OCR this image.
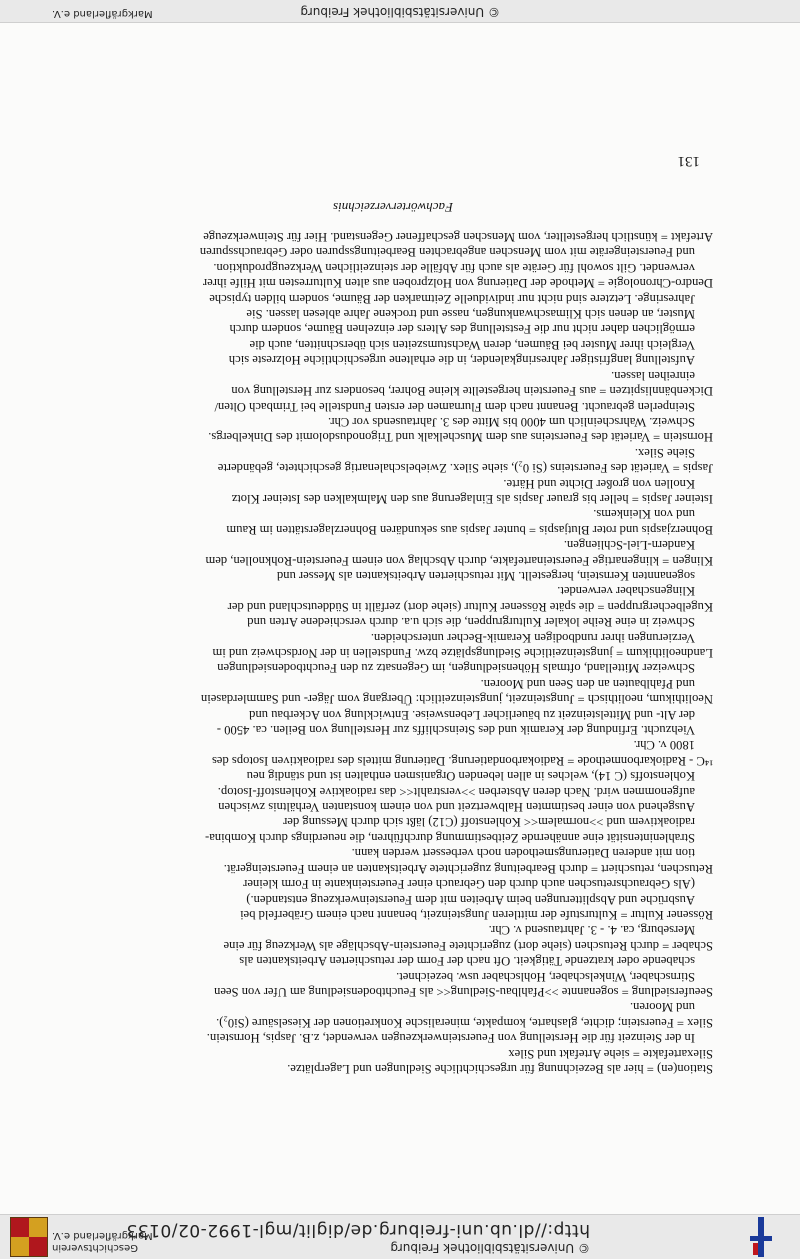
© Universitätsbibliothek Freiburg
http://dl.ub.uni-freiburg.de/diglit/mgl-1992-02/0133
Geschichtsverein
Markgräflerland e.V.
131

Station(en) = hier als Bezeichnung für urgeschichtliche Siedlungen und Lagerplätze.

Silexartefakte = siehe Artefakt und Silex

In der Steinzeit für die Herstellung von Feuersteinwerkzeugen verwendet, z.B. Jaspis, Hornstein.

Silex = Feuerstein; dichte, glasharte, kompakte, mineralische Konkretionen der Kieselsäure (Si0₂).

und Mooren.

Seeufersiedlung = sogenannte >>Pfahlbau-Siedlung<< als Feuchtbodensiedlung am Ufer von Seen

Stirnschaber, Winkelschaber, Hohlschaber usw. bezeichnet.

schabende oder kratzende Tätigkeit. Oft nach der Form der retuschierten Arbeitskanten als

Schaber = durch Retuschen (siehe dort) zugerichtete Feuerstein-Abschläge als Werkzeug für eine

Merseburg, ca. 4. - 3. Jahrtausend v. Chr.

Rössener Kultur = Kulturstufe der mittleren Jungsteinzeit, benannt nach einem Gräberfeld bei

Ausbrüche und Absplitterungen beim Arbeiten mit dem Feuersteinwerkzeug entstanden.)

(Als Gebrauchsretuschen auch durch den Gebrauch einer Feuersteinkante in Form kleiner

Retuschen, retuschiert = durch Bearbeitung zugerichtete Arbeitskanten an einem Feuersteingerät.

tion mit anderen Datierungsmethoden noch verbessert werden kann.

Strahlenintensität eine annähernde Zeitbestimmung durchführen, die neuerdings durch Kombina-

radioaktivem und >>normalem<< Kohlenstoff (C12) läßt sich durch Messung der

Ausgehend von einer bestimmten Halbwertzeit und von einem konstanten Verhältnis zwischen

aufgenommen wird. Nach deren Absterben >>verstrahlt<< das radioaktive Kohlenstoff-Isotop.

Kohlenstoffs (C 14), welches in allen lebenden Organismen enthalten ist und ständig neu

¹⁴C - Radiokarbonmethode = Radiokarbondatierung. Datierung mittels des radioaktiven Isotops des

1800 v. Chr.

Viehzucht. Erfindung der Keramik und des Steinschliffs zur Herstellung von Beilen. ca. 4500 -

der Alt- und Mittelsteinzeit zu bäuerlicher Lebensweise. Entwicklung von Ackerbau und

Neolithikum, neolithisch = Jungsteinzeit, jungsteinzeitlich: Übergang vom Jäger- und Sammlerdasein

und Pfahlbauten an den Seen und Mooren.

Schweizer Mittelland, oftmals Höhensiedlungen, im Gegensatz zu den Feuchtbodensiedlungen

Landneolithikum = jungsteinzeitliche Siedlungsplätze bzw. Fundstellen in der Nordschweiz und im

Verzierungen ihrer rundbodigen Keramik-Becher unterscheiden.

Schweiz in eine Reihe lokaler Kulturgruppen, die sich u.a. durch verschiedene Arten und

Kugelbechergruppen = die späte Rössener Kultur (siehe dort) zerfällt in Süddeutschland und der

Klingenschaber verwendet.

sogenannten Kernstein, hergestellt. Mit retuschierten Arbeitskanten als Messer und

Klingen = klingenartige Feuersteinartefakte, durch Abschlag von einem Feuerstein-Rohknollen, dem

Kandern-Liel-Schliengen.

Bohnerzjaspis und roter Blutjaspis = bunter Jaspis aus sekundären Bohnerzlagerstätten im Raum

und von Kleinkems.

Isteiner Jaspis = heller bis grauer Jaspis als Einlagerung aus den Malmkalken des Isteiner Klotz

Knollen von großer Dichte und Härte.

Jaspis = Varietät des Feuersteins (Si 0₂), siehe Silex. Zwiebelschalenartig geschichtete, gebänderte

Siehe Silex.

Hornstein = Varietät des Feuersteins aus dem Muschelkalk und Trigonodusdolomit des Dinkelbergs.

Schweiz. Wahrscheinlich um 4000 bis Mitte des 3. Jahrtausends vor Chr.

Steinperlen gebraucht. Benannt nach dem Flurnamen der ersten Fundstelle bei Trimbach Olten/

Dickenbännlispitzen = aus Feuerstein hergestellte kleine Bohrer, besonders zur Herstellung von

einreihen lassen.

Aufstellung langfristiger Jahresringkalender, in die erhaltene urgeschichtliche Holzreste sich

Vergleich ihrer Muster bei Bäumen, deren Wachstumszeiten sich überschnitten, auch die

ermöglichen daher nicht nur die Feststellung des Alters der einzelnen Bäume, sondern durch

Muster, an denen sich Klimaschwankungen, nasse und trockene Jahre ablesen lassen. Sie

Jahresringe. Letztere sind nicht nur individuelle Zeitmarken der Bäume, sondern bilden typische

Dendro-Chronologie = Methode der Datierung von Holzproben aus alten Kulturresten mit Hilfe ihrer

verwendet. Gilt sowohl für Geräte als auch für Abfälle der steinzeitlichen Werkzeugproduktion.

und Feuersteingeräte mit vom Menschen angebrachten Bearbeitungsspuren oder Gebrauchsspuren

Artefakt = künstlich hergestellter, vom Menschen geschaffener Gegenstand. Hier für Steinwerkzeuge

Fachwörterverzeichnis
© Universitätsbibliothek Freiburg
Markgräflerland e.V.
